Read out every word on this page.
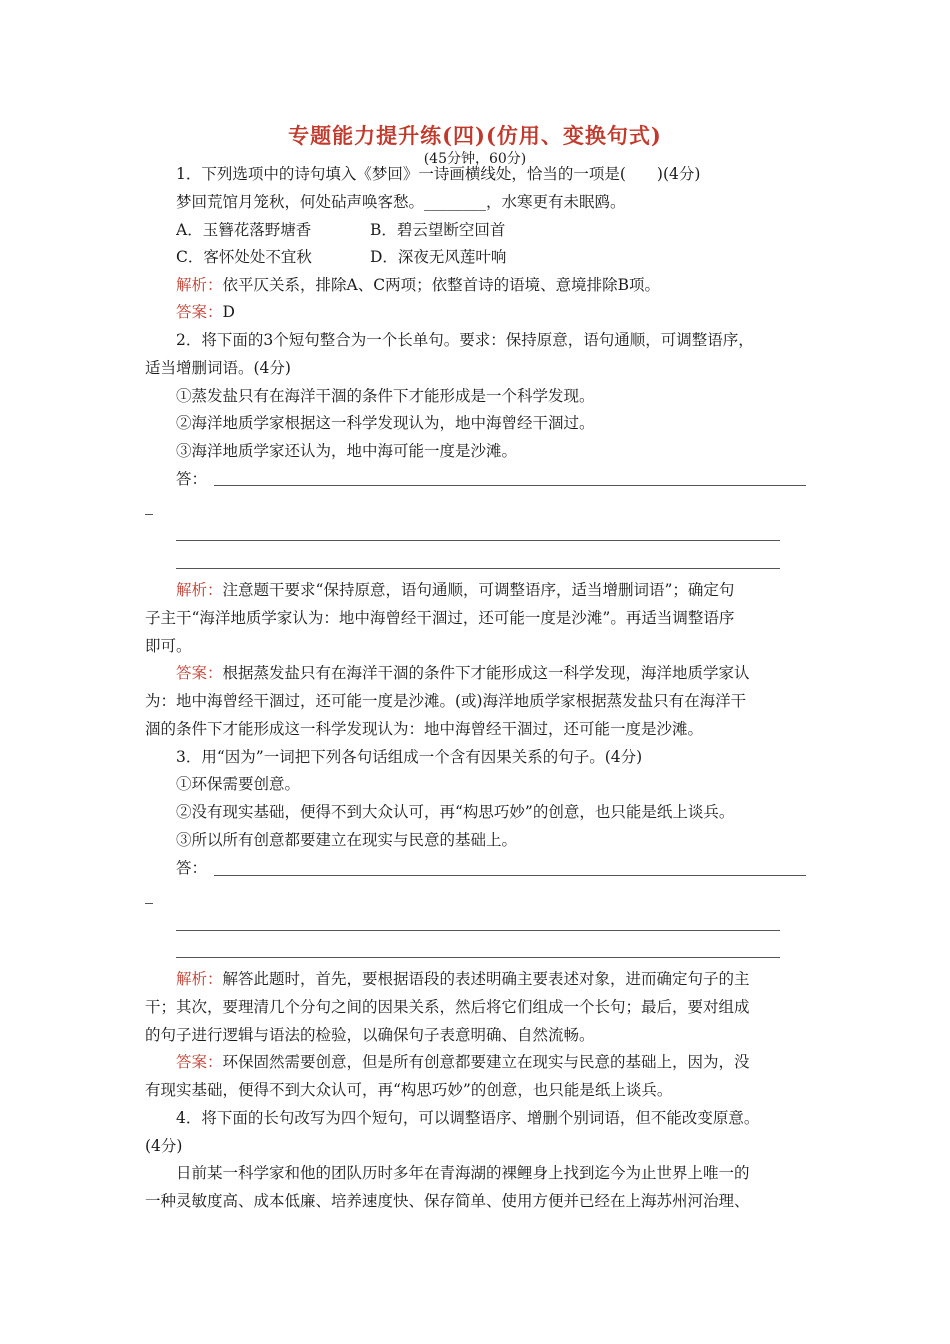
专题能力提升练(四)(仿用、变换句式)
(45分钟，60分)
1．下列选项中的诗句填入《梦回》一诗画横线处，恰当的一项是(　　)(4分)
梦回荒馆月笼秋，何处砧声唤客愁。________，水寒更有未眠鸥。
A．玉簪花落野塘香	B．碧云望断空回首
C．客怀处处不宜秋	D．深夜无风莲叶响
解析：依平仄关系，排除A、C两项；依整首诗的语境、意境排除B项。
答案：D
2．将下面的3个短句整合为一个长单句。要求：保持原意，语句通顺，可调整语序，
适当增删词语。(4分)
①蒸发盐只有在海洋干涸的条件下才能形成是一个科学发现。
②海洋地质学家根据这一科学发现认为，地中海曾经干涸过。
③海洋地质学家还认为，地中海可能一度是沙滩。
答：
解析：注意题干要求“保持原意，语句通顺，可调整语序，适当增删词语”；确定句
子主干“海洋地质学家认为：地中海曾经干涸过，还可能一度是沙滩”。再适当调整语序
即可。
答案：根据蒸发盐只有在海洋干涸的条件下才能形成这一科学发现，海洋地质学家认
为：地中海曾经干涸过，还可能一度是沙滩。(或)海洋地质学家根据蒸发盐只有在海洋干
涸的条件下才能形成这一科学发现认为：地中海曾经干涸过，还可能一度是沙滩。
3．用“因为”一词把下列各句话组成一个含有因果关系的句子。(4分)
①环保需要创意。
②没有现实基础，便得不到大众认可，再“构思巧妙”的创意，也只能是纸上谈兵。
③所以所有创意都要建立在现实与民意的基础上。
答：
解析：解答此题时，首先，要根据语段的表述明确主要表述对象，进而确定句子的主
干；其次，要理清几个分句之间的因果关系，然后将它们组成一个长句；最后，要对组成
的句子进行逻辑与语法的检验，以确保句子表意明确、自然流畅。
答案：环保固然需要创意，但是所有创意都要建立在现实与民意的基础上，因为，没
有现实基础，便得不到大众认可，再“构思巧妙”的创意，也只能是纸上谈兵。
4．将下面的长句改写为四个短句，可以调整语序、增删个别词语，但不能改变原意。
(4分)
日前某一科学家和他的团队历时多年在青海湖的裸鲤身上找到迄今为止世界上唯一的
一种灵敏度高、成本低廉、培养速度快、保存简单、使用方便并已经在上海苏州河治理、
